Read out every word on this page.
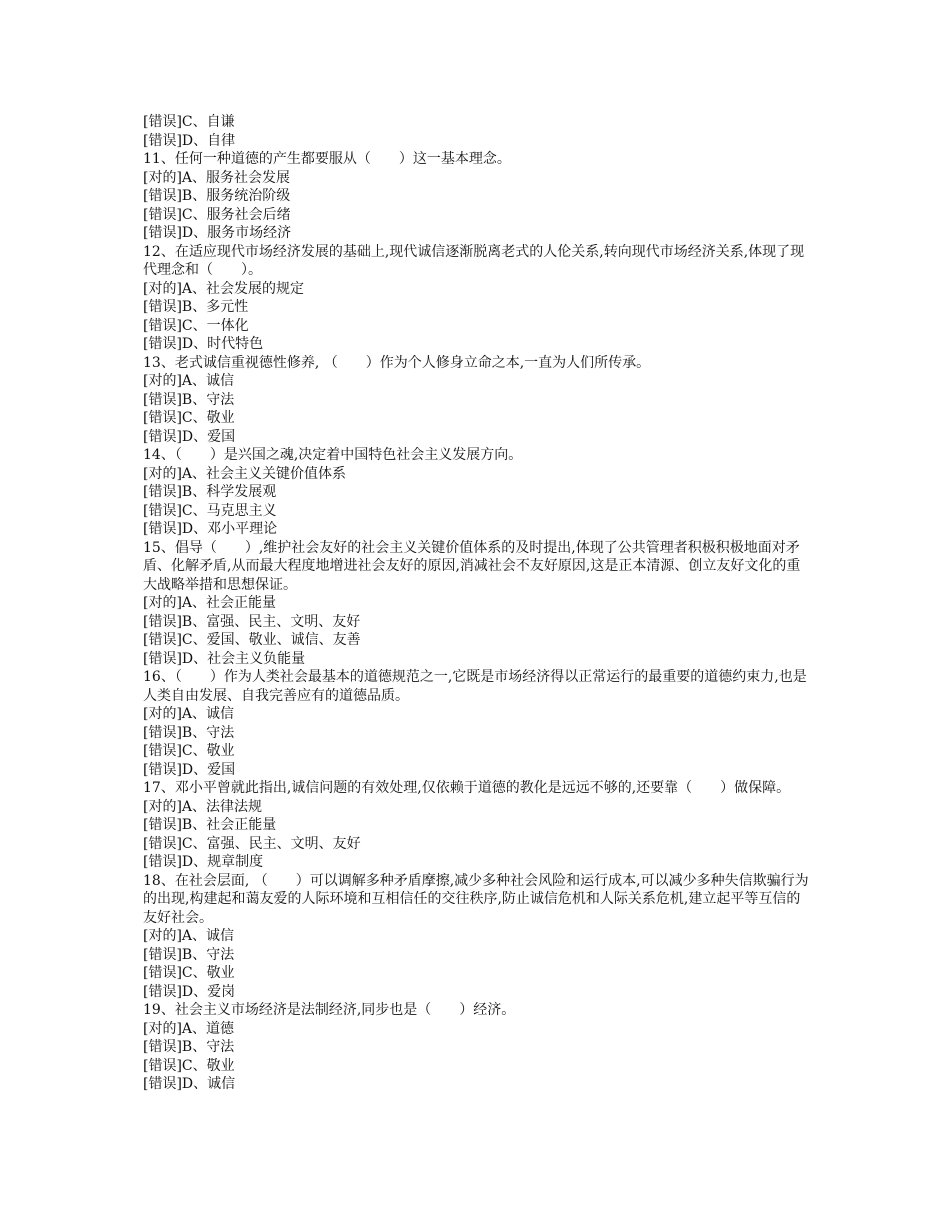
[错误]C、自谦
[错误]D、自律
11、任何一种道德的产生都要服从（　　）这一基本理念。
[对的]A、服务社会发展
[错误]B、服务统治阶级
[错误]C、服务社会后绪
[错误]D、服务市场经济
12、在适应现代市场经济发展的基础上,现代诚信逐渐脱离老式的人伦关系,转向现代市场经济关系,体现了现代理念和（　　）。
[对的]A、社会发展的规定
[错误]B、多元性
[错误]C、一体化
[错误]D、时代特色
13、老式诚信重视德性修养, （　　）作为个人修身立命之本,一直为人们所传承。
[对的]A、诚信
[错误]B、守法
[错误]C、敬业
[错误]D、爱国
14、（　　）是兴国之魂,决定着中国特色社会主义发展方向。
[对的]A、社会主义关键价值体系
[错误]B、科学发展观
[错误]C、马克思主义
[错误]D、邓小平理论
15、倡导（　　）,维护社会友好的社会主义关键价值体系的及时提出,体现了公共管理者积极积极地面对矛盾、化解矛盾,从而最大程度地增进社会友好的原因,消减社会不友好原因,这是正本清源、创立友好文化的重大战略举措和思想保证。
[对的]A、社会正能量
[错误]B、富强、民主、文明、友好
[错误]C、爱国、敬业、诚信、友善
[错误]D、社会主义负能量
16、（　　）作为人类社会最基本的道德规范之一,它既是市场经济得以正常运行的最重要的道德约束力,也是人类自由发展、自我完善应有的道德品质。
[对的]A、诚信
[错误]B、守法
[错误]C、敬业
[错误]D、爱国
17、邓小平曾就此指出,诚信问题的有效处理,仅依赖于道德的教化是远远不够的,还要靠（　　）做保障。
[对的]A、法律法规
[错误]B、社会正能量
[错误]C、富强、民主、文明、友好
[错误]D、规章制度
18、在社会层面, （　　）可以调解多种矛盾摩擦,减少多种社会风险和运行成本,可以减少多种失信欺骗行为的出现,构建起和蔼友爱的人际环境和互相信任的交往秩序,防止诚信危机和人际关系危机,建立起平等互信的友好社会。
[对的]A、诚信
[错误]B、守法
[错误]C、敬业
[错误]D、爱岗
19、社会主义市场经济是法制经济,同步也是（　　）经济。
[对的]A、道德
[错误]B、守法
[错误]C、敬业
[错误]D、诚信
